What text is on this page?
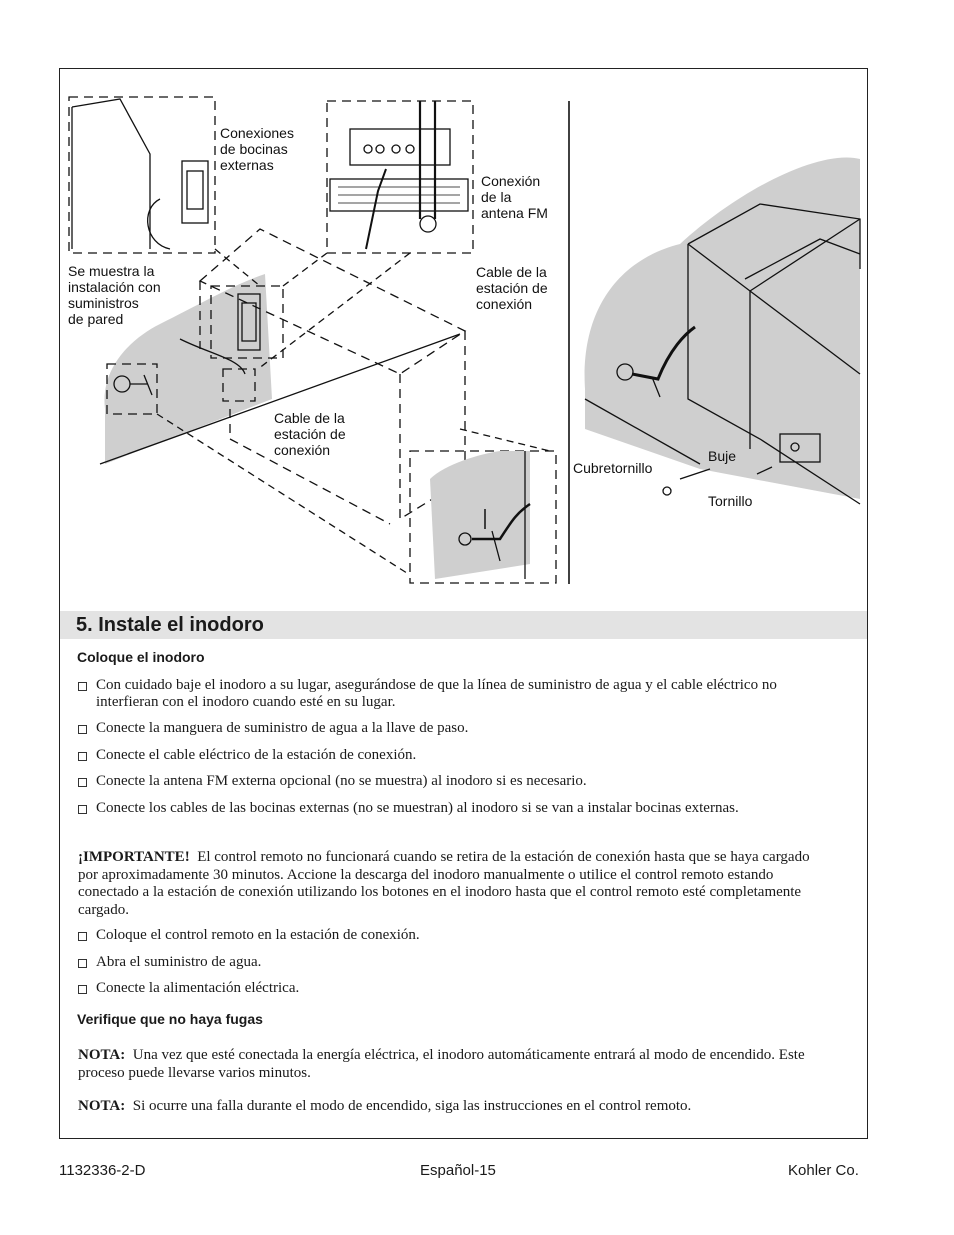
Conexiones
de bocinas
externas
Conexión
de la
antena FM
Cable de la
estación de
conexión
Se muestra la
instalación con
suministros
de pared
Cable de la
estación de
conexión
Cubretornillo
Buje
Tornillo
5. Instale el inodoro
Coloque el inodoro
Con cuidado baje el inodoro a su lugar, asegurándose de que la línea de suministro de agua y el cable eléctrico no interfieran con el inodoro cuando esté en su lugar.
Conecte la manguera de suministro de agua a la llave de paso.
Conecte el cable eléctrico de la estación de conexión.
Conecte la antena FM externa opcional (no se muestra) al inodoro si es necesario.
Conecte los cables de las bocinas externas (no se muestran) al inodoro si se van a instalar bocinas externas.
¡IMPORTANTE! El control remoto no funcionará cuando se retira de la estación de conexión hasta que se haya cargado por aproximadamente 30 minutos. Accione la descarga del inodoro manualmente o utilice el control remoto estando conectado a la estación de conexión utilizando los botones en el inodoro hasta que el control remoto esté completamente cargado.
Coloque el control remoto en la estación de conexión.
Abra el suministro de agua.
Conecte la alimentación eléctrica.
Verifique que no haya fugas
NOTA: Una vez que esté conectada la energía eléctrica, el inodoro automáticamente entrará al modo de encendido. Este proceso puede llevarse varios minutos.
NOTA: Si ocurre una falla durante el modo de encendido, siga las instrucciones en el control remoto.
1132336-2-D	Español-15	Kohler Co.
